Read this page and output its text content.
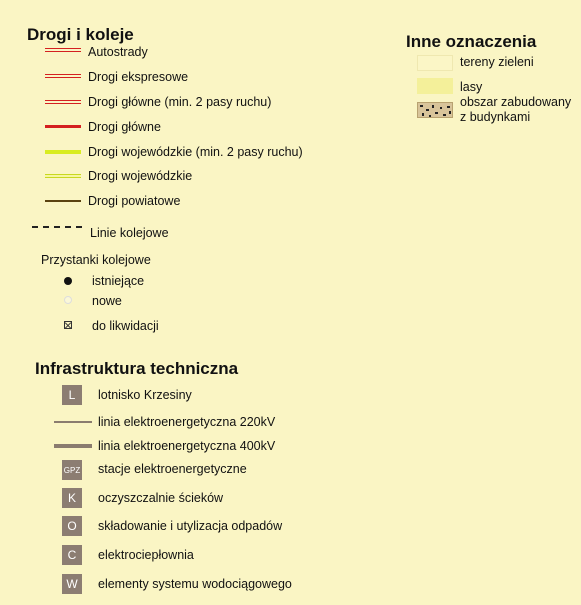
Drogi i koleje
Autostrady
Drogi ekspresowe
Drogi główne (min. 2 pasy ruchu)
Drogi główne
Drogi wojewódzkie (min. 2 pasy ruchu)
Drogi wojewódzkie
Drogi powiatowe
Linie kolejowe
Przystanki kolejowe
istniejące
nowe
do likwidacji
Inne oznaczenia
tereny zieleni
lasy
obszar zabudowany
z budynkami
Infrastruktura techniczna
L	lotnisko Krzesiny
linia elektroenergetyczna 220kV
linia elektroenergetyczna 400kV
GPZ stacje elektroenergetyczne
K	oczyszczalnie ścieków
O	składowanie i utylizacja odpadów
C	elektrociepłownia
W	elementy systemu wodociągowego
